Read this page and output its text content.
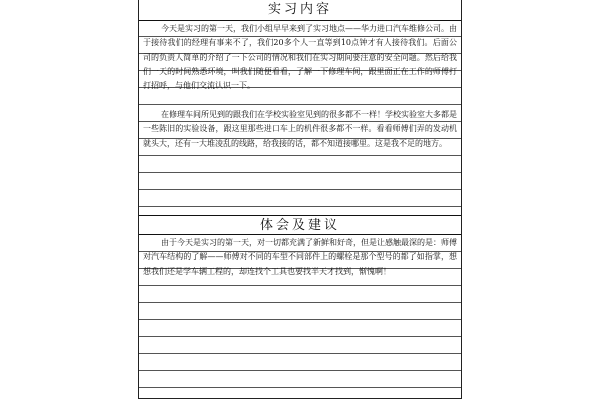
实习内容
今天是实习的第一天，我们小组早早来到了实习地点——华力进口汽车维修公司。由于接待我们的经理有事来不了，我们20多个人一直等到10点钟才有人接待我们。后面公司的负责人简单的介绍了一下公司的情况和我们在实习期间要注意的安全问题。然后给我们一天的时间熟悉环境，叫我们随便看看，了解一下修理车间，跟里面正在工作的师傅打打招呼，与他们交流认识一下。
在修理车间所见到的跟我们在学校实验室见到的很多都不一样！学校实验室大多都是一些陈旧的实验设备，跟这里那些进口车上的机件很多都不一样。看看师傅们弄的发动机就头大，还有一大堆凌乱的线路，给我接的话，都不知道接哪里。这是我不足的地方。
体会及建议
由于今天是实习的第一天，对一切都充满了新鲜和好奇，但是让感触最深的是：师傅对汽车结构的了解——师傅对不同的车型不同部件上的螺栓是那个型号的都了如指掌，想想我们还是学车辆工程的，却连找个工具也要找半天才找到，惭愧啊！
